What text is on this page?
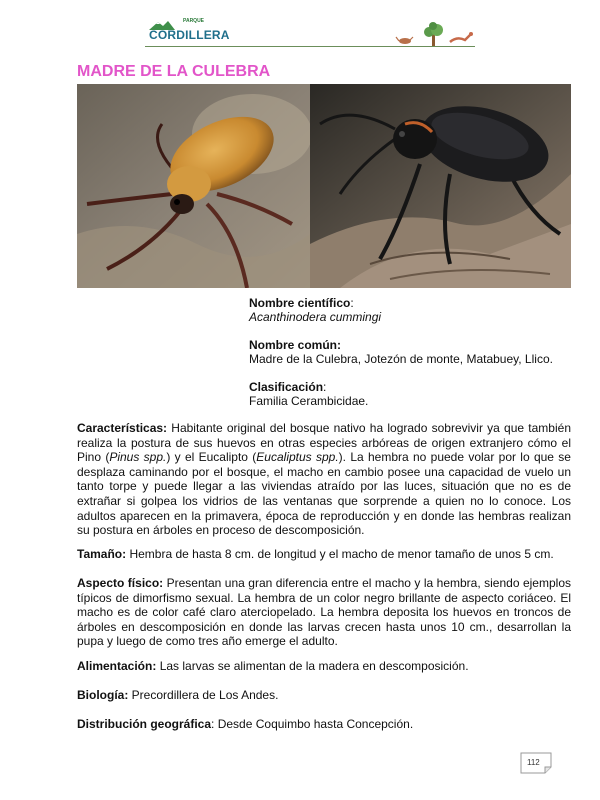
PARQUE
CORDILLERA
MADRE DE LA CULEBRA
Nombre científico:
Acanthinodera cummingi
Nombre común:
Madre de la Culebra, Jotezón de monte, Matabuey, Llico.
Clasificación:
Familia Cerambicidae.
Características: Habitante original del bosque nativo ha logrado sobrevivir ya que también realiza la postura de sus huevos en otras especies arbóreas de origen extranjero cómo el Pino (Pinus spp.) y el Eucalipto (Eucaliptus spp.). La hembra no puede volar por lo que se desplaza caminando por el bosque, el macho en cambio posee una capacidad de vuelo un tanto torpe y puede llegar a las viviendas atraído por las luces, situación que no es de extrañar si golpea los vidrios de las ventanas que sorprende a quien no lo conoce. Los adultos aparecen en la primavera, época de reproducción y en donde las hembras realizan su postura en árboles en proceso de descomposición.
Tamaño: Hembra de hasta 8 cm. de longitud y el macho de menor tamaño de unos 5 cm.
Aspecto físico: Presentan una gran diferencia entre el macho y la hembra, siendo ejemplos típicos de dimorfismo sexual. La hembra de un color negro brillante de aspecto coriáceo. El macho es de color café claro aterciopelado. La hembra deposita los huevos en troncos de árboles en descomposición en donde las larvas crecen hasta unos 10 cm., desarrollan la pupa y luego de como tres año emerge el adulto.
Alimentación: Las larvas se alimentan de la madera en descomposición.
Biología: Precordillera de Los Andes.
Distribución geográfica: Desde Coquimbo hasta Concepción.
112
